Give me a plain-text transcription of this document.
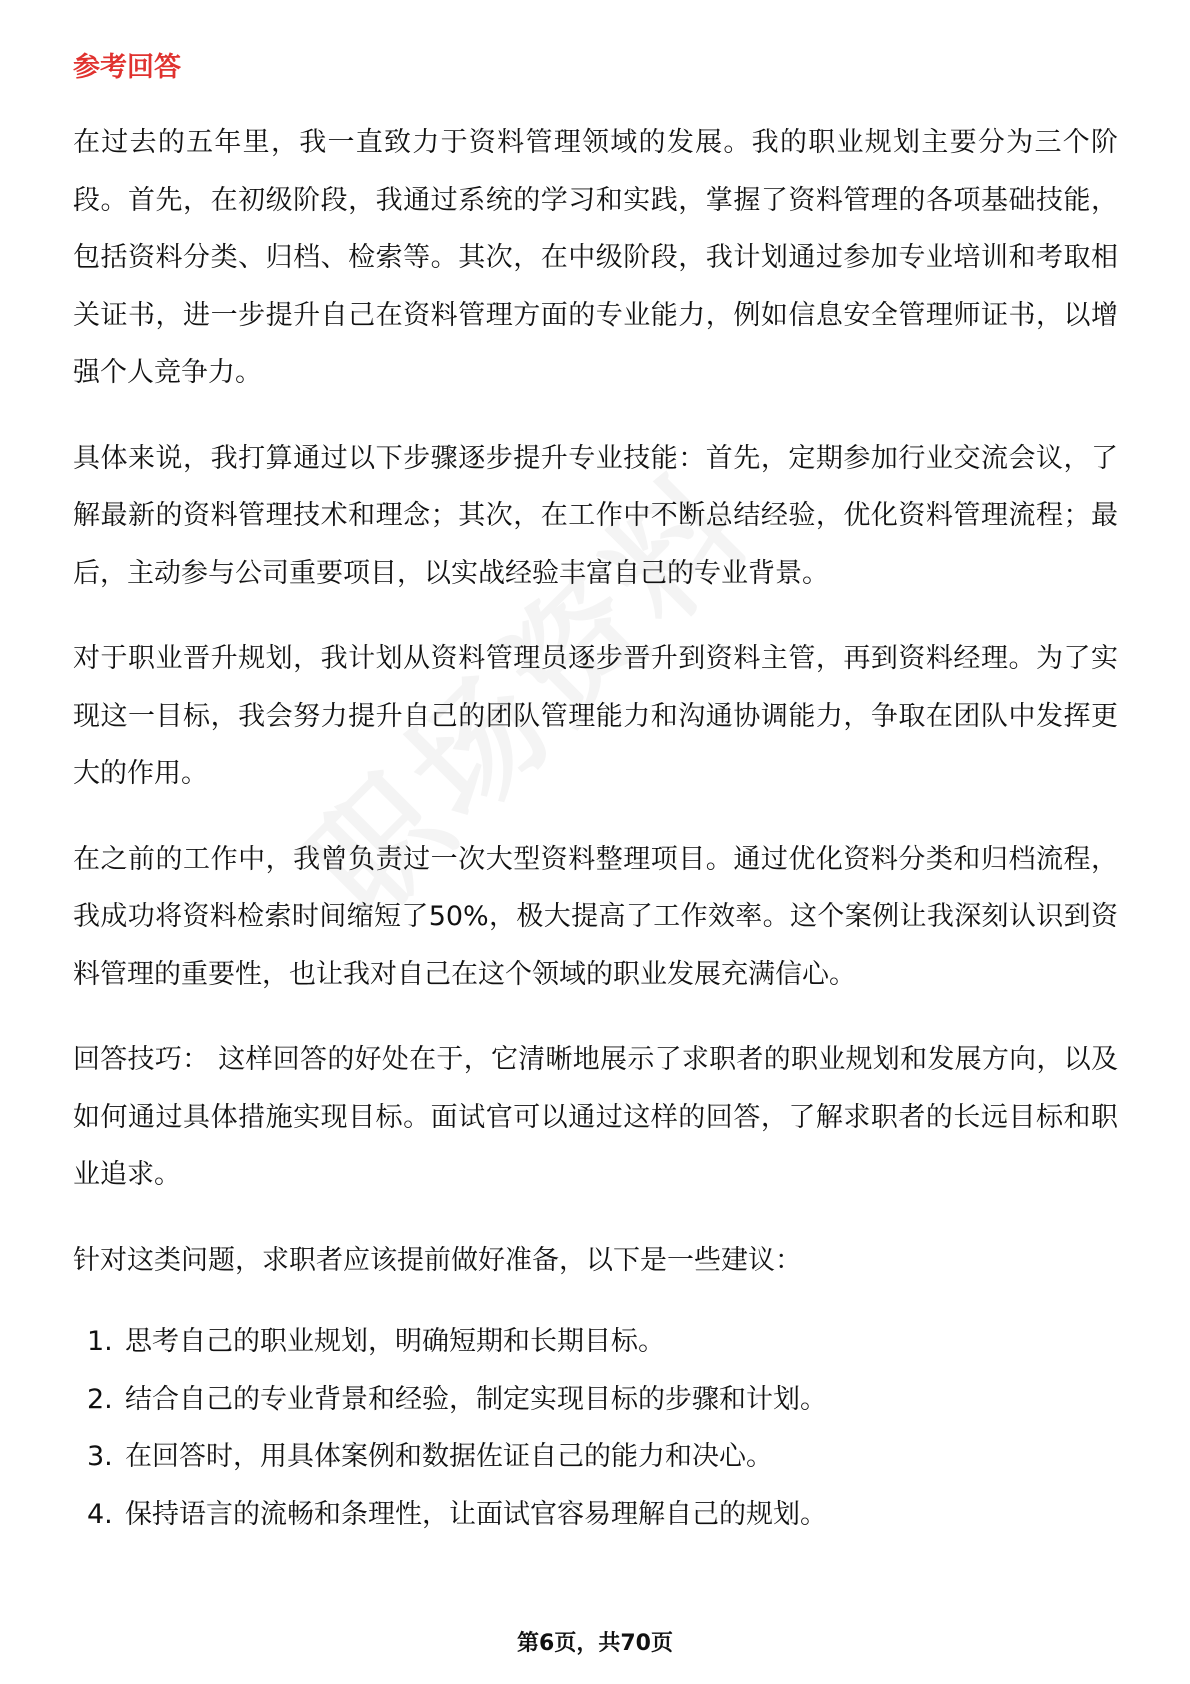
参考回答

在过去的五年里，我一直致力于资料管理领域的发展。我的职业规划主要分为三个阶段。首先，在初级阶段，我通过系统的学习和实践，掌握了资料管理的各项基础技能，包括资料分类、归档、检索等。其次，在中级阶段，我计划通过参加专业培训和考取相关证书，进一步提升自己在资料管理方面的专业能力，例如信息安全管理师证书，以增强个人竞争力。

具体来说，我打算通过以下步骤逐步提升专业技能：首先，定期参加行业交流会议，了解最新的资料管理技术和理念；其次，在工作中不断总结经验，优化资料管理流程；最后，主动参与公司重要项目，以实战经验丰富自己的专业背景。

对于职业晋升规划，我计划从资料管理员逐步晋升到资料主管，再到资料经理。为了实现这一目标，我会努力提升自己的团队管理能力和沟通协调能力，争取在团队中发挥更大的作用。

在之前的工作中，我曾负责过一次大型资料整理项目。通过优化资料分类和归档流程，我成功将资料检索时间缩短了50%，极大提高了工作效率。这个案例让我深刻认识到资料管理的重要性，也让我对自己在这个领域的职业发展充满信心。

回答技巧： 这样回答的好处在于，它清晰地展示了求职者的职业规划和发展方向，以及如何通过具体措施实现目标。面试官可以通过这样的回答，了解求职者的长远目标和职业追求。

针对这类问题，求职者应该提前做好准备，以下是一些建议：

1. 思考自己的职业规划，明确短期和长期目标。
2. 结合自己的专业背景和经验，制定实现目标的步骤和计划。
3. 在回答时，用具体案例和数据佐证自己的能力和决心。
4. 保持语言的流畅和条理性，让面试官容易理解自己的规划。
第6页，共70页
